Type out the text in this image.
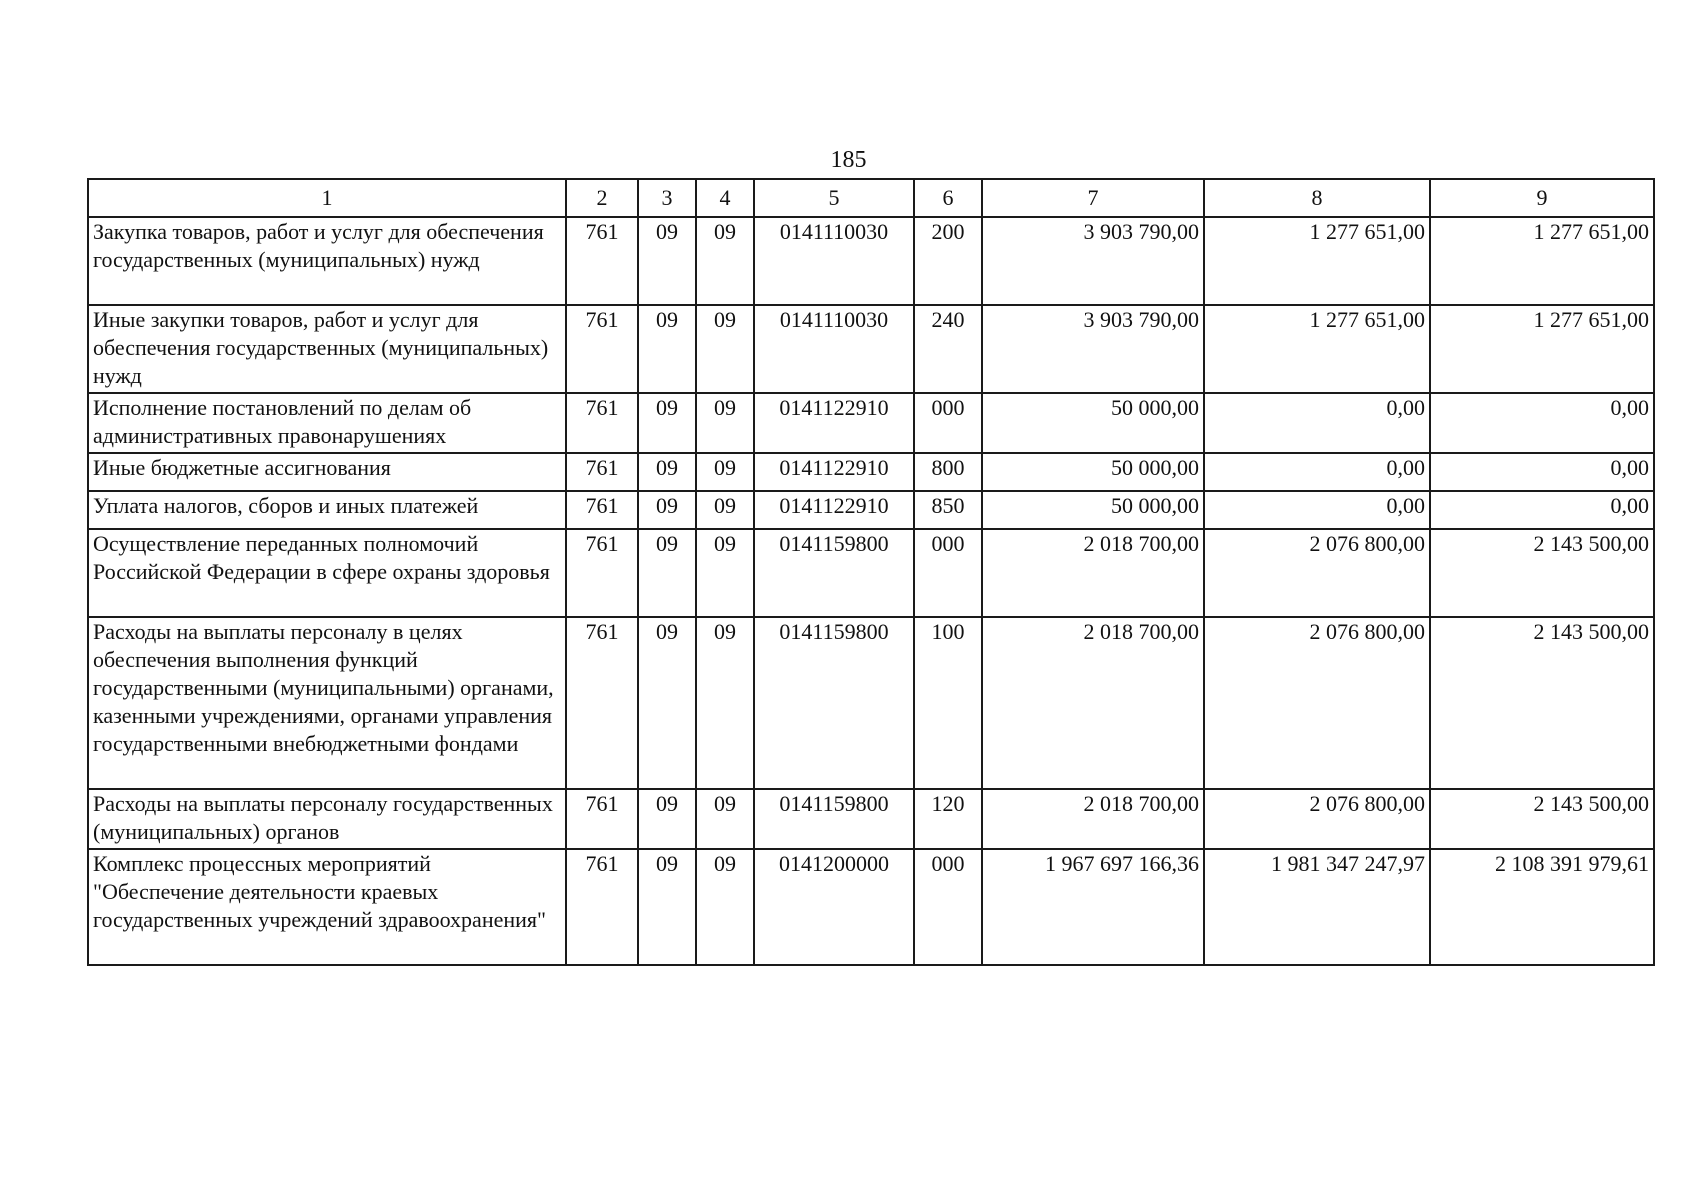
185
1	2	3	4	5	6	7	8	9
Закупка товаров, работ и услуг для обеспечения государственных (муниципальных) нужд	761	09	09	0141110030	200	3 903 790,00	1 277 651,00	1 277 651,00
Иные закупки товаров, работ и услуг для обеспечения государственных (муниципальных) нужд	761	09	09	0141110030	240	3 903 790,00	1 277 651,00	1 277 651,00
Исполнение постановлений по делам об административных правонарушениях	761	09	09	0141122910	000	50 000,00	0,00	0,00
Иные бюджетные ассигнования	761	09	09	0141122910	800	50 000,00	0,00	0,00
Уплата налогов, сборов и иных платежей	761	09	09	0141122910	850	50 000,00	0,00	0,00
Осуществление переданных полномочий Российской Федерации в сфере охраны здоровья	761	09	09	0141159800	000	2 018 700,00	2 076 800,00	2 143 500,00
Расходы на выплаты персоналу в целях обеспечения выполнения функций государственными (муниципальными) органами, казенными учреждениями, органами управления государственными внебюджетными фондами	761	09	09	0141159800	100	2 018 700,00	2 076 800,00	2 143 500,00
Расходы на выплаты персоналу государственных (муниципальных) органов	761	09	09	0141159800	120	2 018 700,00	2 076 800,00	2 143 500,00
Комплекс процессных мероприятий "Обеспечение деятельности краевых государственных учреждений здравоохранения"	761	09	09	0141200000	000	1 967 697 166,36	1 981 347 247,97	2 108 391 979,61
